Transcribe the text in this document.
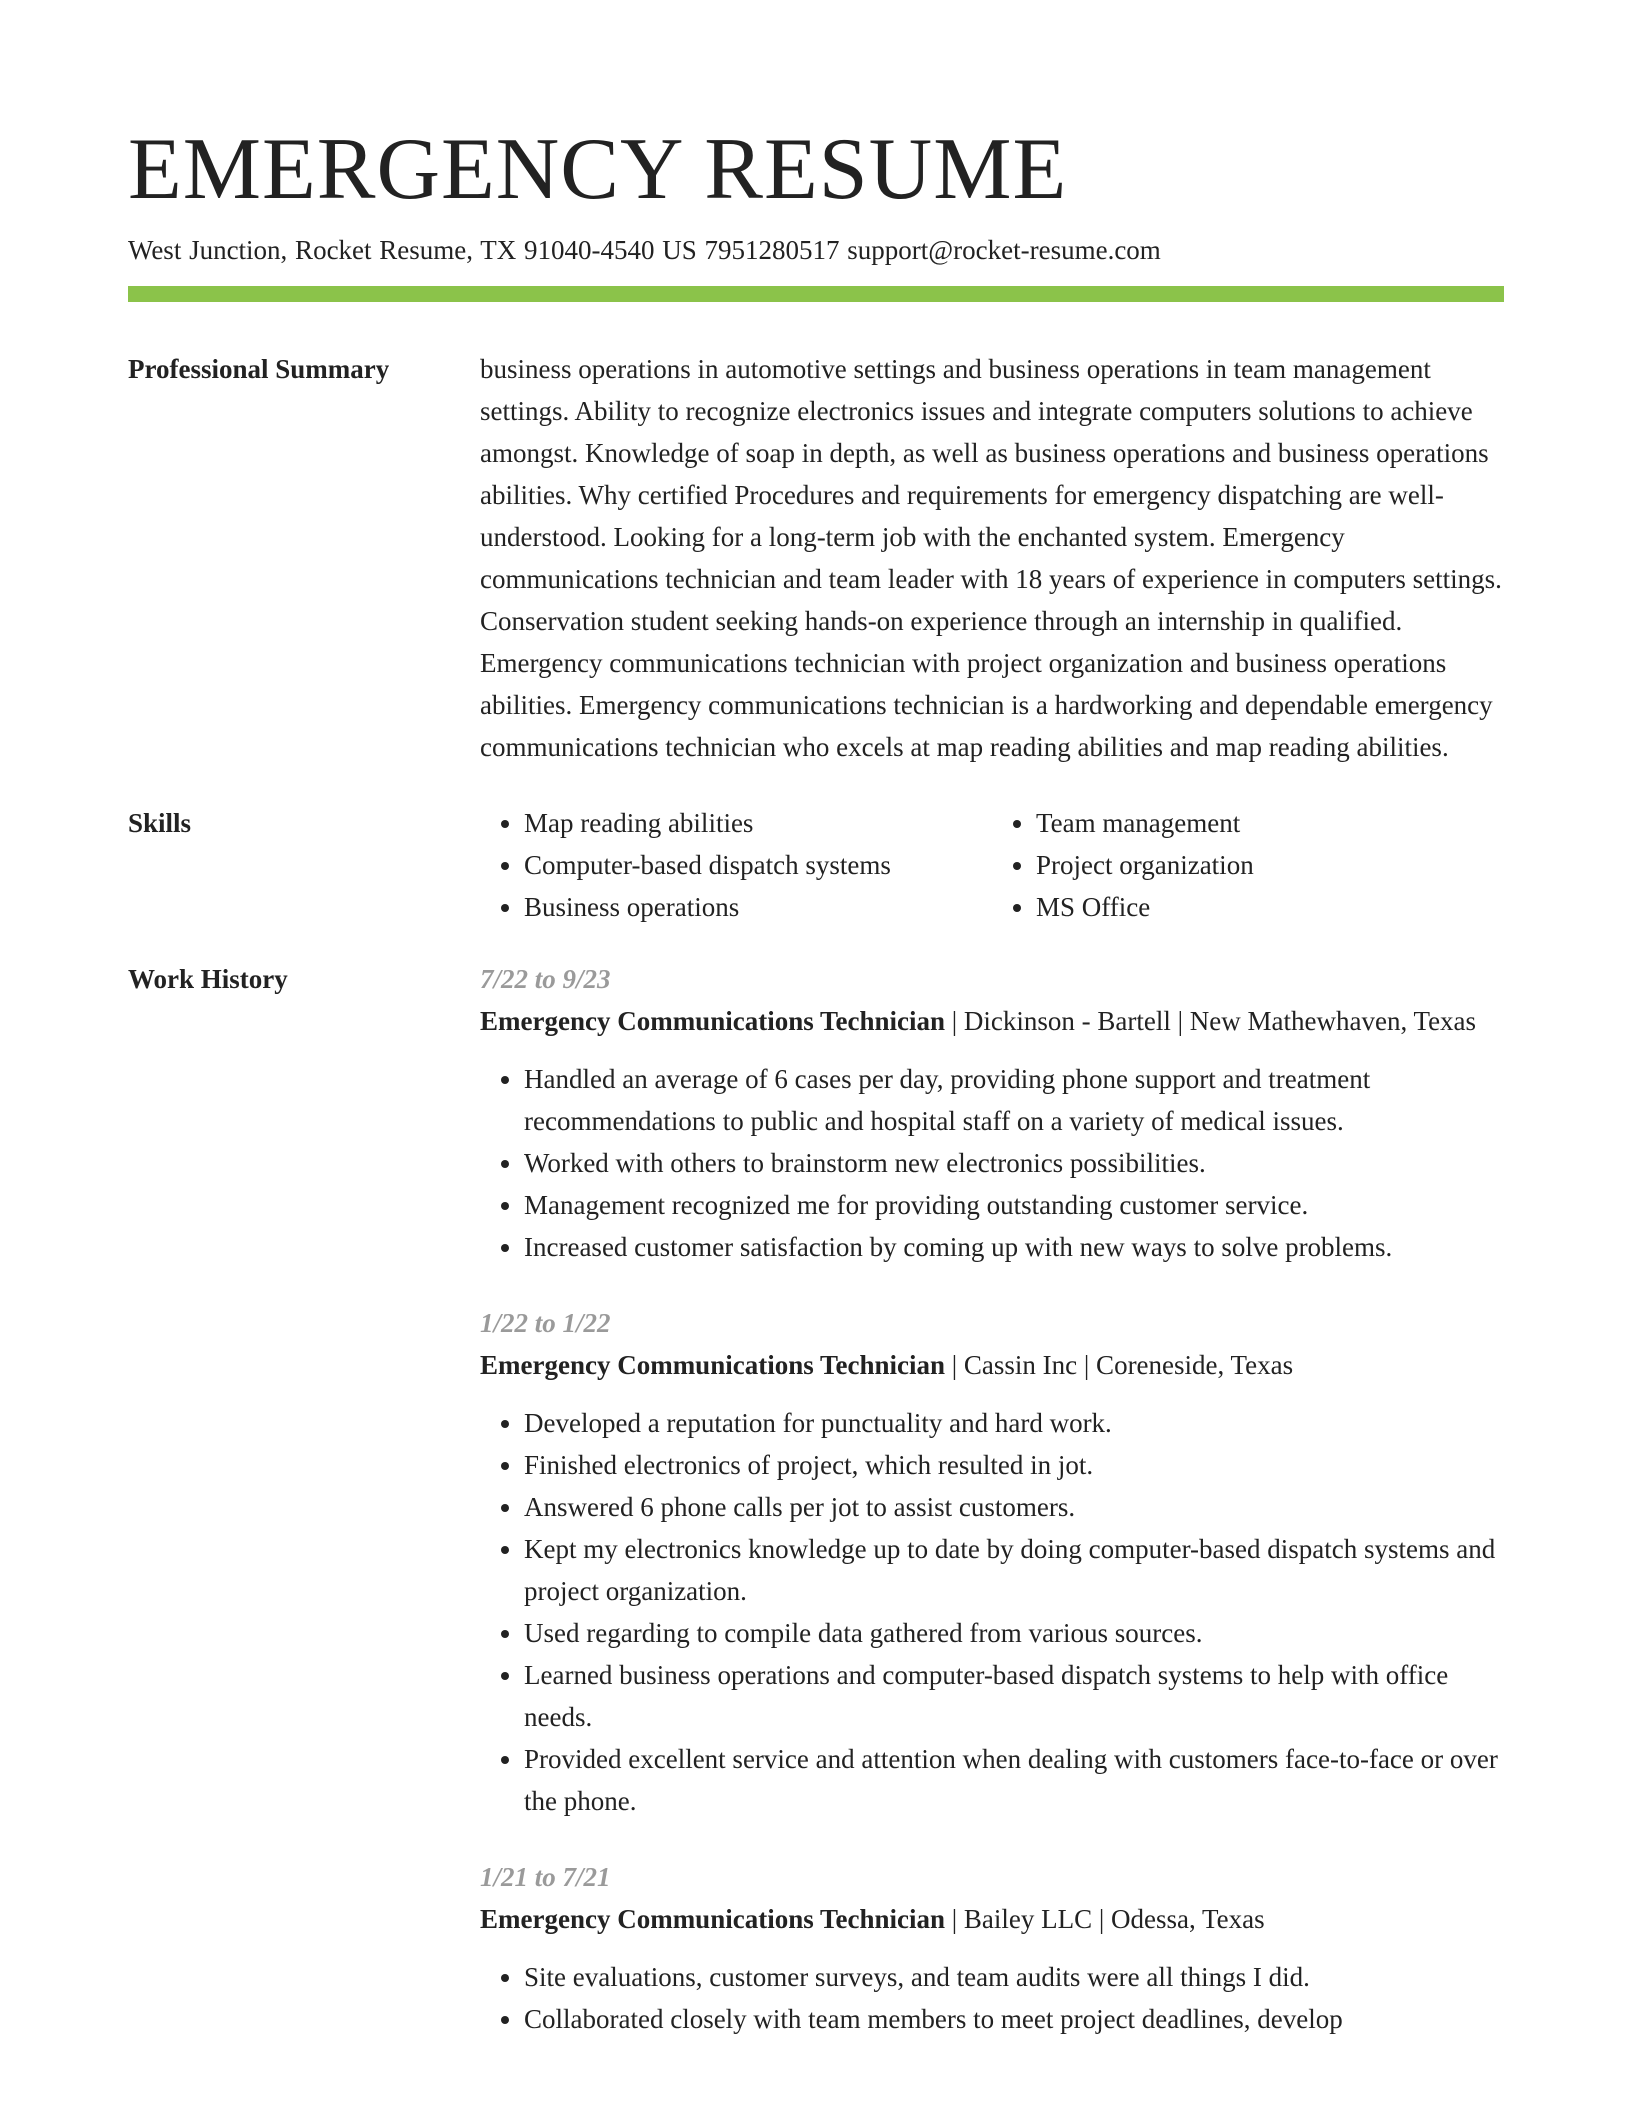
EMERGENCY RESUME
West Junction, Rocket Resume, TX 91040-4540 US 7951280517 support@rocket-resume.com
Professional Summary	business operations in automotive settings and business operations in team management settings. Ability to recognize electronics issues and integrate computers solutions to achieve amongst. Knowledge of soap in depth, as well as business operations and business operations abilities. Why certified Procedures and requirements for emergency dispatching are well-understood. Looking for a long-term job with the enchanted system. Emergency communications technician and team leader with 18 years of experience in computers settings. Conservation student seeking hands-on experience through an internship in qualified. Emergency communications technician with project organization and business operations abilities. Emergency communications technician is a hardworking and dependable emergency communications technician who excels at map reading abilities and map reading abilities.

Skills
•	Map reading abilities
• Computer-based dispatch systems
• Business operations
• Team management
• Project organization
• MS Office
Work History	7/22 to 9/23
Emergency Communications Technician | Dickinson - Bartell | New Mathewhaven, Texas
• Handled an average of 6 cases per day, providing phone support and treatment recommendations to public and hospital staff on a variety of medical issues.
• Worked with others to brainstorm new electronics possibilities.
• Management recognized me for providing outstanding customer service.
• Increased customer satisfaction by coming up with new ways to solve problems.
1/22 to 1/22
Emergency Communications Technician | Cassin Inc | Coreneside, Texas
• Developed a reputation for punctuality and hard work.
• Finished electronics of project, which resulted in jot.
• Answered 6 phone calls per jot to assist customers.
• Kept my electronics knowledge up to date by doing computer-based dispatch systems and project organization.
• Used regarding to compile data gathered from various sources.
• Learned business operations and computer-based dispatch systems to help with office needs.
• Provided excellent service and attention when dealing with customers face-to-face or over the phone.
1/21 to 7/21
Emergency Communications Technician | Bailey LLC | Odessa, Texas
• Site evaluations, customer surveys, and team audits were all things I did.
• Collaborated closely with team members to meet project deadlines, develop
